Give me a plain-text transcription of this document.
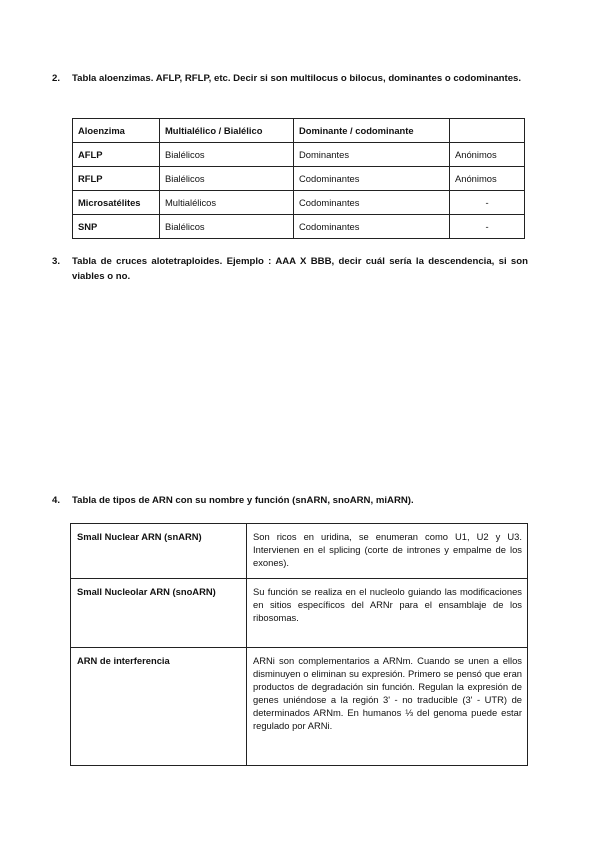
2. Tabla aloenzimas. AFLP, RFLP, etc. Decir si son multilocus o bilocus, dominantes o codominantes.
Aloenzima	Multialélico / Bialélico	Dominante / codominante	
AFLP	Bialélicos	Dominantes	Anónimos
RFLP	Bialélicos	Codominantes	Anónimos
Microsatélites	Multialélicos	Codominantes	-
SNP	Bialélicos	Codominantes	-
3. Tabla de cruces alotetraploides. Ejemplo : AAA X BBB, decir cuál sería la descendencia, si son viables o no.
4. Tabla de tipos de ARN con su nombre y función (snARN, snoARN, miARN).
Small Nuclear ARN (snARN)	Son ricos en uridina, se enumeran como U1, U2 y U3. Intervienen en el splicing (corte de intrones y empalme de los exones).
Small Nucleolar ARN (snoARN)	Su función se realiza en el nucleolo guiando las modificaciones en sitios específicos del ARNr para el ensamblaje de los ribosomas.
ARN de interferencia	ARNi son complementarios a ARNm. Cuando se unen a ellos disminuyen o eliminan su expresión. Primero se pensó que eran productos de degradación sin función. Regulan la expresión de genes uniéndose a la región 3' - no traducible (3' - UTR) de determinados ARNm. En humanos ⅓ del genoma puede estar regulado por ARNi.
